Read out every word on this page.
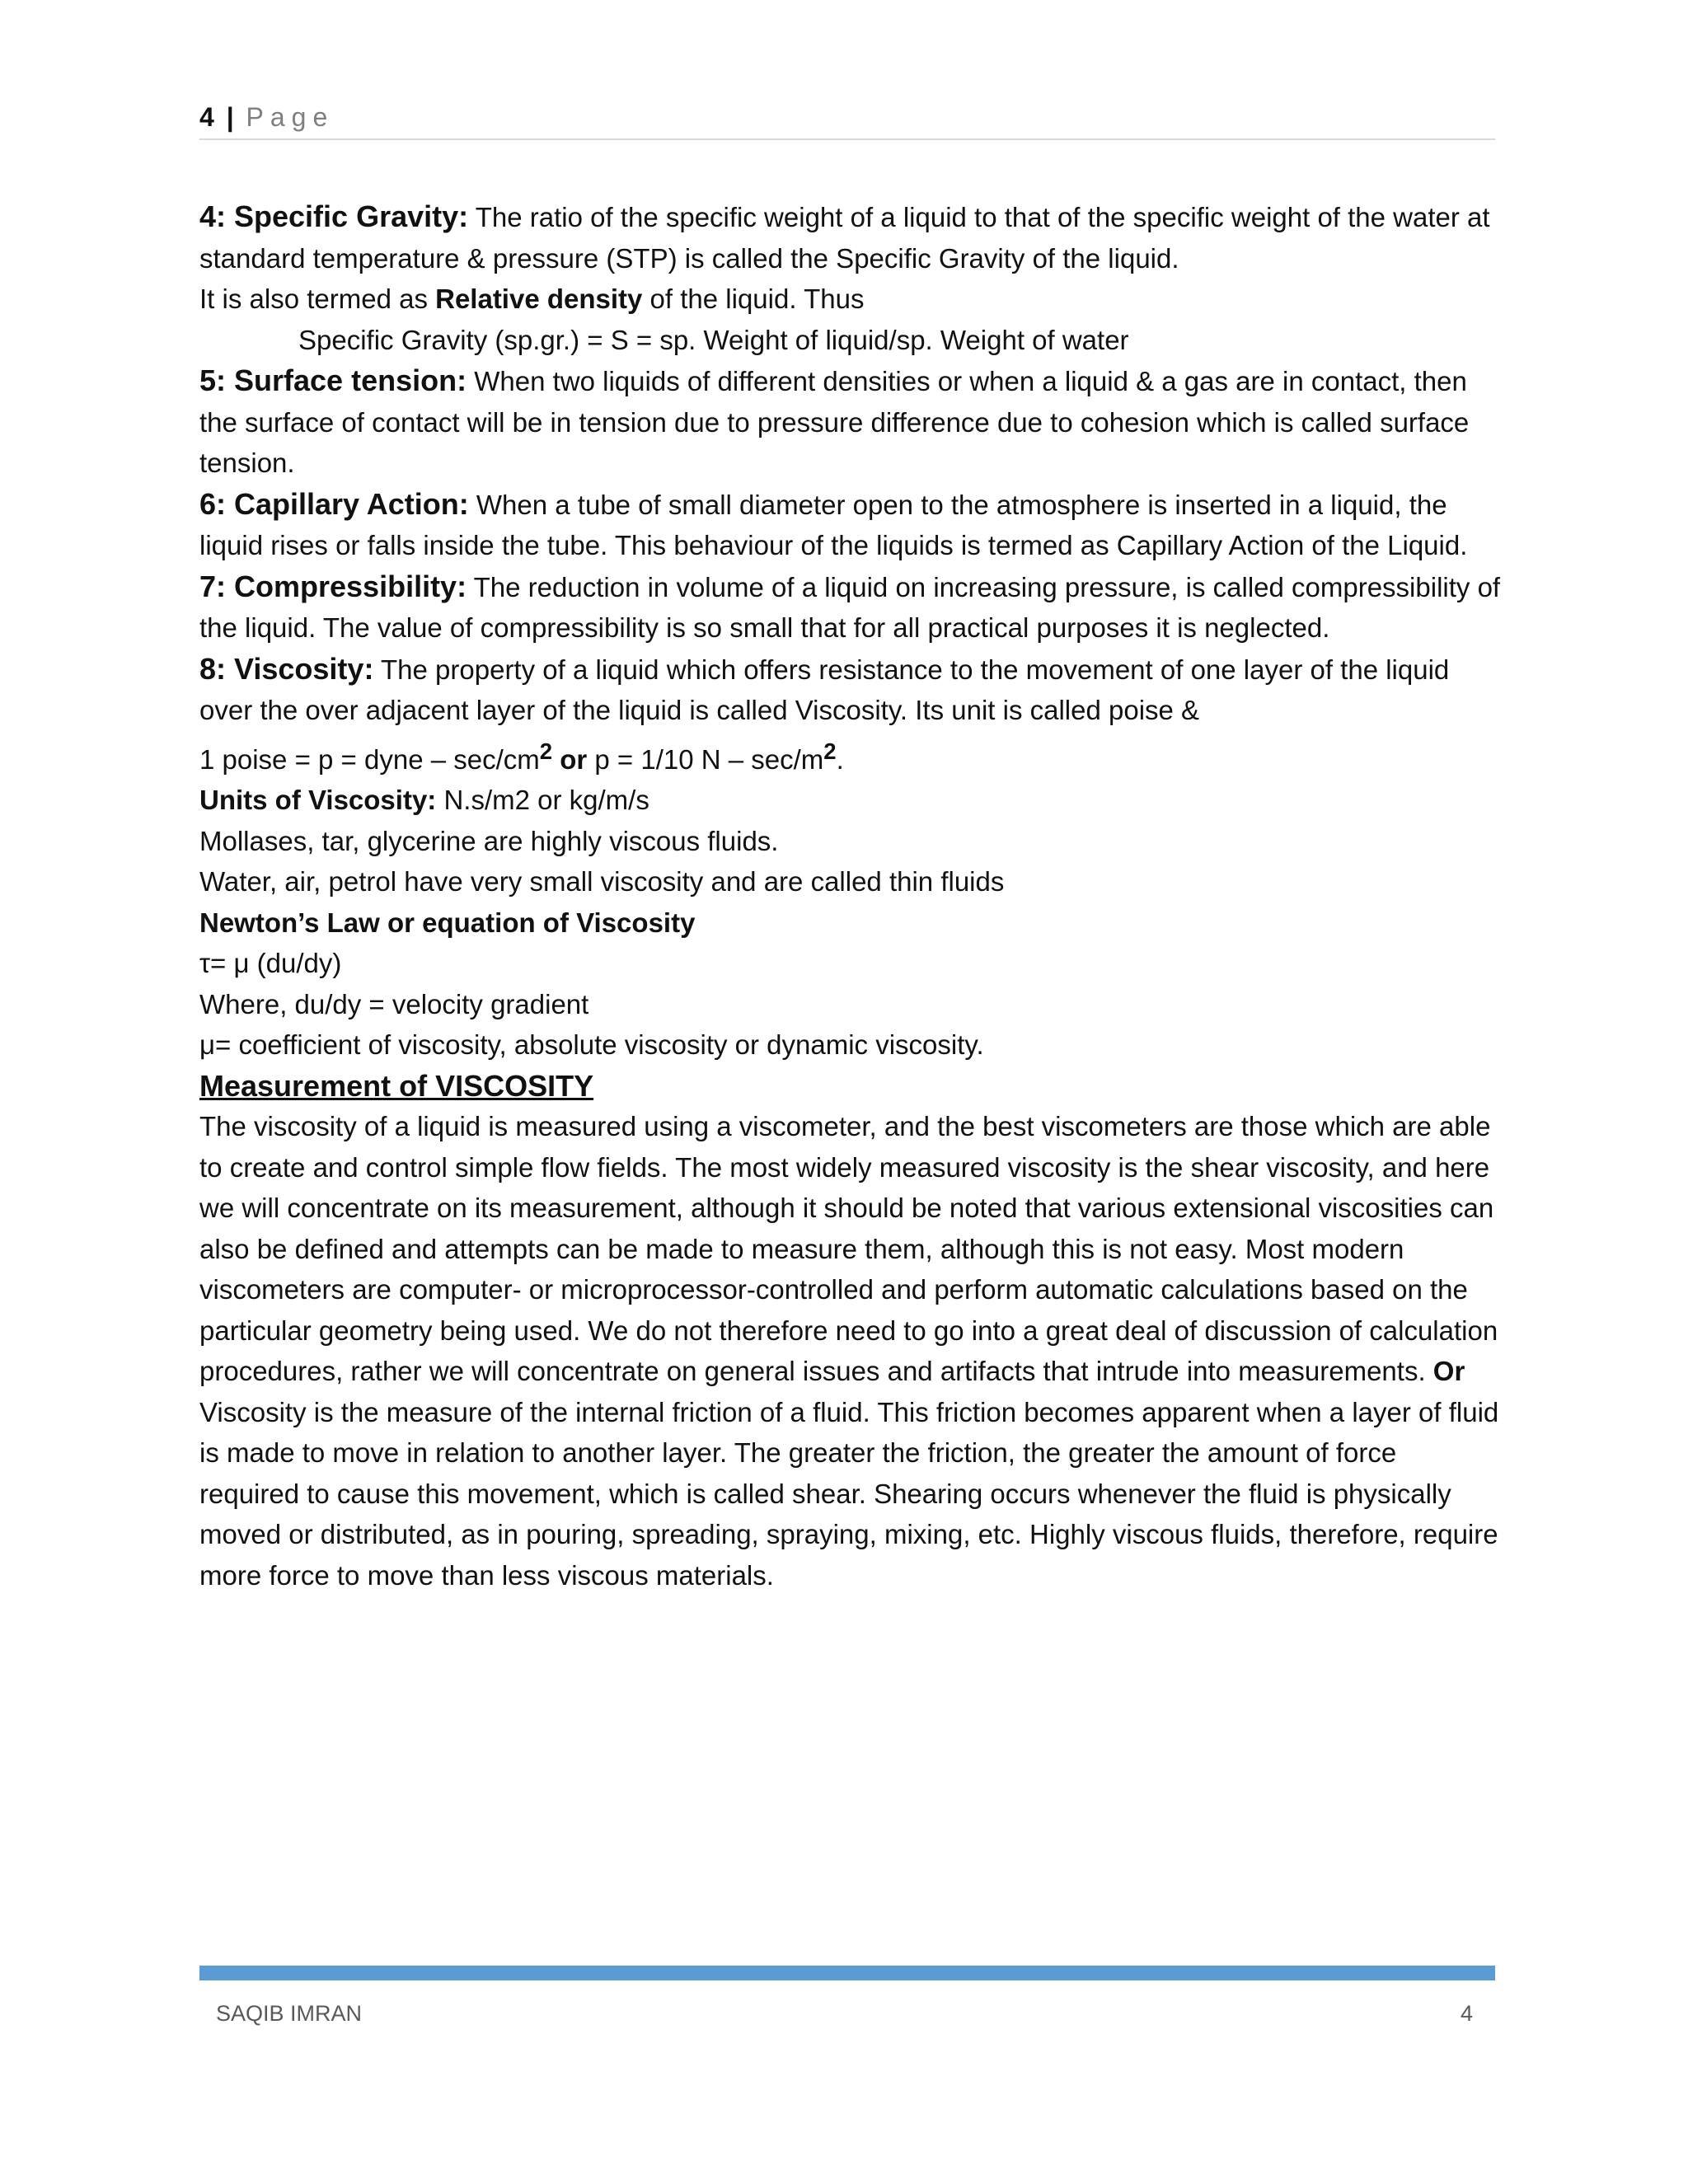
4 | Page

4: Specific Gravity: The ratio of the specific weight of a liquid to that of the specific weight of the water at standard temperature & pressure (STP) is called the Specific Gravity of the liquid.

It is also termed as Relative density of the liquid. Thus

Specific Gravity (sp.gr.) = S = sp. Weight of liquid/sp. Weight of water

5: Surface tension: When two liquids of different densities or when a liquid & a gas are in contact, then the surface of contact will be in tension due to pressure difference due to cohesion which is called surface tension.

6: Capillary Action: When a tube of small diameter open to the atmosphere is inserted in a liquid, the liquid rises or falls inside the tube. This behaviour of the liquids is termed as Capillary Action of the Liquid.

7: Compressibility: The reduction in volume of a liquid on increasing pressure, is called compressibility of the liquid. The value of compressibility is so small that for all practical purposes it is neglected.

8: Viscosity: The property of a liquid which offers resistance to the movement of one layer of the liquid over the over adjacent layer of the liquid is called Viscosity. Its unit is called poise &

1 poise = p = dyne – $\sec/cm^2$ or p = 1/10 N – $\sec/m^2$.

Units of Viscosity: N.s/m2 or kg/m/s

Mollases, tar, glycerine are highly viscous fluids.

Water, air, petrol have very small viscosity and are called thin fluids

Newton’s Law or equation of Viscosity

τ= μ (du/dy)

Where, du/dy = velocity gradient

μ= coefficient of viscosity, absolute viscosity or dynamic viscosity.

Measurement of VISCOSITY

The viscosity of a liquid is measured using a viscometer, and the best viscometers are those which are able to create and control simple flow fields. The most widely measured viscosity is the shear viscosity, and here we will concentrate on its measurement, although it should be noted that various extensional viscosities can also be defined and attempts can be made to measure them, although this is not easy. Most modern viscometers are computer- or microprocessor-controlled and perform automatic calculations based on the particular geometry being used. We do not therefore need to go into a great deal of discussion of calculation procedures, rather we will concentrate on general issues and artifacts that intrude into measurements. Or

Viscosity is the measure of the internal friction of a fluid. This friction becomes apparent when a layer of fluid is made to move in relation to another layer. The greater the friction, the greater the amount of force required to cause this movement, which is called shear. Shearing occurs whenever the fluid is physically moved or distributed, as in pouring, spreading, spraying, mixing, etc. Highly viscous fluids, therefore, require more force to move than less viscous materials.

SAQIB IMRAN	4
